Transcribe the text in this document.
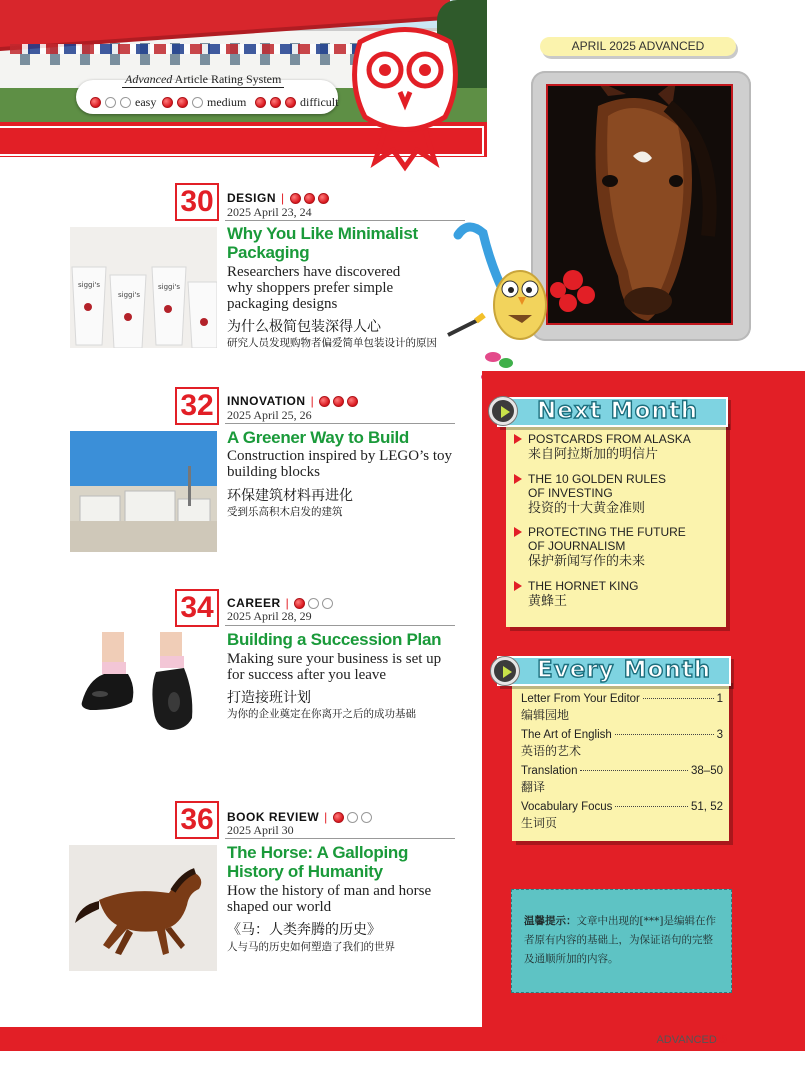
easy	medium	difficult
Advanced Article Rating System
APRIL 2025 ADVANCED
30	DESIGN |
2025 April 23, 24
Why You Like Minimalist Packaging
Researchers have discovered why shoppers prefer simple packaging designs
为什么极简包装深得人心
研究人员发现购物者偏爱简单包装设计的原因
siggi's
siggi's
siggi's
32	INNOVATION |
2025 April 25, 26
A Greener Way to Build
Construction inspired by LEGO’s toy building blocks
环保建筑材料再进化
受到乐高积木启发的建筑
34	CAREER |
2025 April 28, 29
Building a Succession Plan
Making sure your business is set up for success after you leave
打造接班计划
为你的企业奠定在你离开之后的成功基础
36	BOOK REVIEW |
2025 April 30
The Horse: A Galloping History of Humanity
How the history of man and horse shaped our world
《马：人类奔腾的历史》
人与马的历史如何塑造了我们的世界
POSTCARDS FROM ALASKA
来自阿拉斯加的明信片
THE 10 GOLDEN RULES OF INVESTING
投资的十大黄金准则
PROTECTING THE FUTURE OF JOURNALISM
保护新闻写作的未来
THE HORNET KING
黄蜂王
Next Month
Letter From Your Editor	1
编辑园地
The Art of English	3
英语的艺术
Translation	38–50
翻译
Vocabulary Focus	51, 52
生词页
Every Month
温馨提示：文章中出现的[***]是编辑在作者原有内容的基础上，为保证语句的完整及通顺所加的内容。
ADVANCED 5
